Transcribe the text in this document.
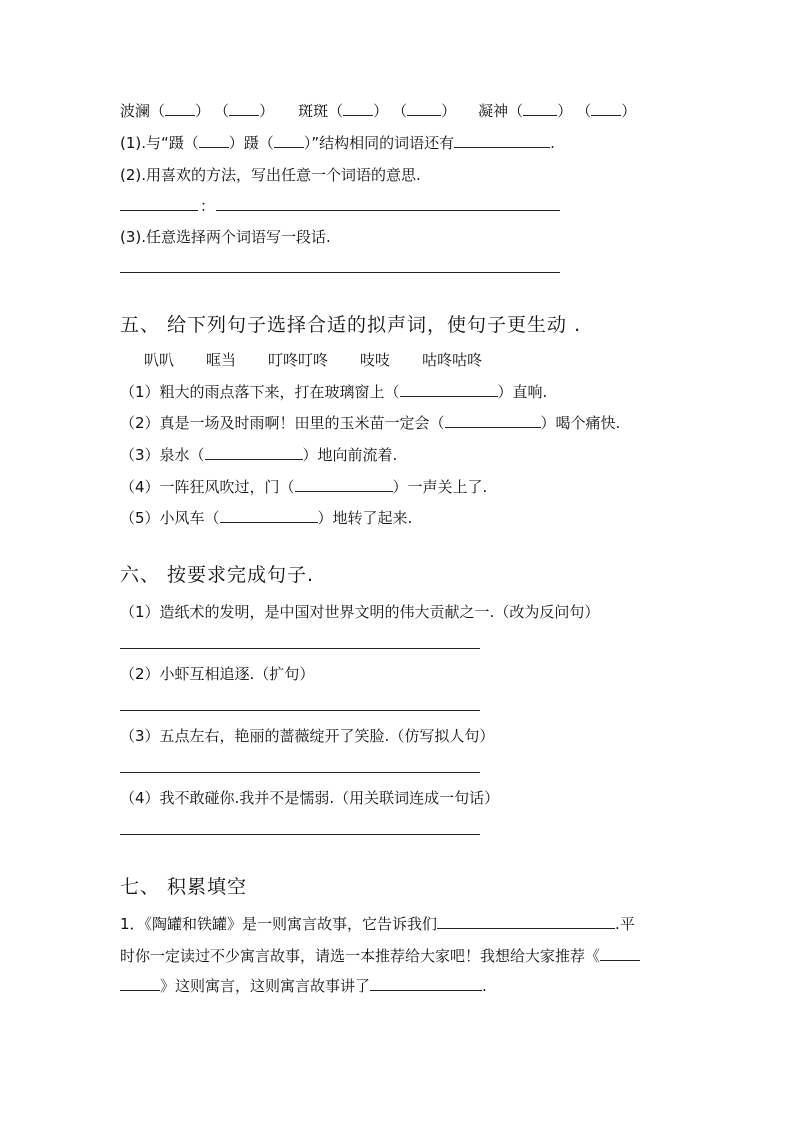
波澜（ ） （ ） 斑斑（ ） （ ） 凝神（ ） （ ）
(1).与“蹑（ ）蹑（ ）”结构相同的词语还有	.
(2).用喜欢的方法，写出任意一个词语的意思.
：
(3).任意选择两个词语写一段话.
五、 给下列句子选择合适的拟声词，使句子更生动 .
叭叭 哐当 叮咚叮咚 吱吱 咕咚咕咚
（1）粗大的雨点落下来，打在玻璃窗上（	）直响.
（2）真是一场及时雨啊！田里的玉米苗一定会（	）喝个痛快.
（3）泉水（	）地向前流着.
（4）一阵狂风吹过，门（	）一声关上了.
（5）小风车（	）地转了起来.
六、 按要求完成句子.
（1）造纸术的发明，是中国对世界文明的伟大贡献之一.（改为反问句）
（2）小虾互相追逐.（扩句）
（3）五点左右，艳丽的蔷薇绽开了笑脸.（仿写拟人句）
（4）我不敢碰你.我并不是懦弱.（用关联词连成一句话）
七、 积累填空
1．《陶罐和铁罐》是一则寓言故事，它告诉我们	.平
时你一定读过不少寓言故事，请选一本推荐给大家吧！我想给大家推荐《
》这则寓言，这则寓言故事讲了	.
